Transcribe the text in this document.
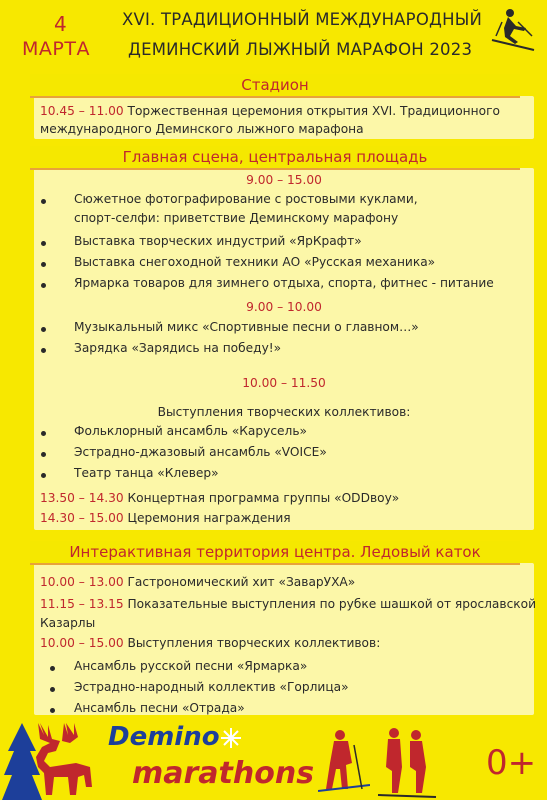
4
МАРТА
XVI. ТРАДИЦИОННЫЙ МЕЖДУНАРОДНЫЙ
ДЕМИНСКИЙ ЛЫЖНЫЙ МАРАФОН 2023
Стадион
10.45 – 11.00 Торжественная церемония открытия XVI. Традиционного
международного Деминского лыжного марафона
Главная сцена, центральная площадь
9.00 – 15.00
Сюжетное фотографирование с ростовыми куклами,
спорт-селфи: приветствие Деминскому марафону
Выставка творческих индустрий «ЯрКрафт»
Выставка снегоходной техники АО «Русская механика»
Ярмарка товаров для зимнего отдыха, спорта, фитнес - питание
9.00 – 10.00
Музыкальный микс «Спортивные песни о главном…»
Зарядка «Зарядись на победу!»
10.00 – 11.50
Выступления творческих коллективов:
Фольклорный ансамбль «Карусель»
Эстрадно-джазовый ансамбль «VOICE»
Театр танца «Клевер»
13.50 – 14.30 Концертная программа группы «ODDвоу»
14.30 – 15.00 Церемония награждения
Интерактивная территория центра. Ледовый каток
10.00 – 13.00 Гастрономический хит «ЗаварУХА»
11.15 – 13.15 Показательные выступления по рубке шашкой от ярославской
Казарлы
10.00 – 15.00 Выступления творческих коллективов:
Ансамбль русской песни «Ярмарка»
Эстрадно-народный коллектив «Горлица»
Ансамбль песни «Отрада»
Demino
marathons	0+
